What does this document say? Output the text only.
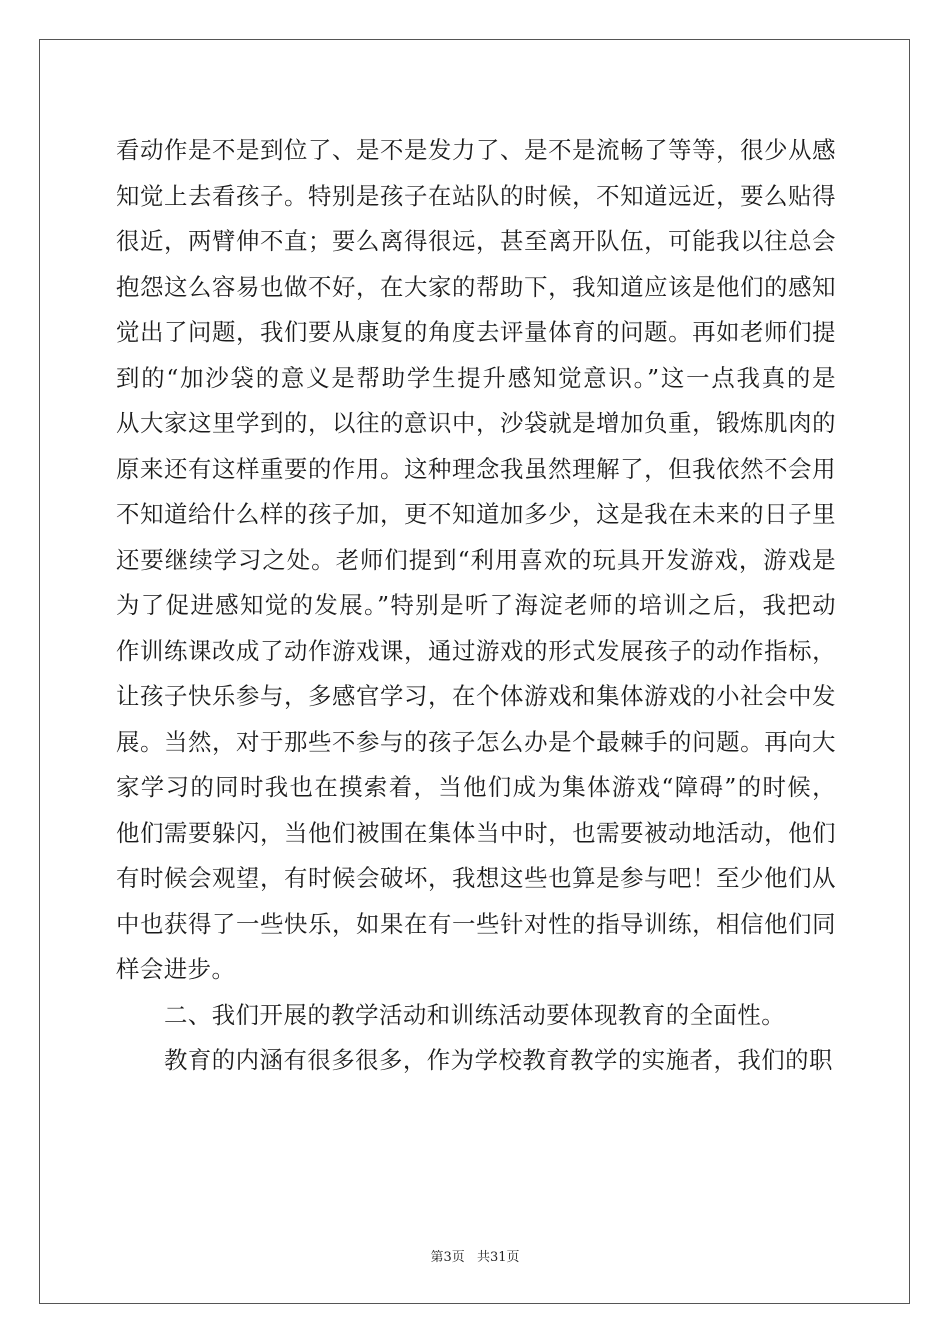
看动作是不是到位了、是不是发力了、是不是流畅了等等，很少从感
知觉上去看孩子。特别是孩子在站队的时候，不知道远近，要么贴得
很近，两臂伸不直；要么离得很远，甚至离开队伍，可能我以往总会
抱怨这么容易也做不好，在大家的帮助下，我知道应该是他们的感知
觉出了问题，我们要从康复的角度去评量体育的问题。再如老师们提
到的“加沙袋的意义是帮助学生提升感知觉意识。”这一点我真的是
从大家这里学到的，以往的意识中，沙袋就是增加负重，锻炼肌肉的
原来还有这样重要的作用。这种理念我虽然理解了，但我依然不会用
不知道给什么样的孩子加，更不知道加多少，这是我在未来的日子里
还要继续学习之处。老师们提到“利用喜欢的玩具开发游戏，游戏是
为了促进感知觉的发展。”特别是听了海淀老师的培训之后，我把动
作训练课改成了动作游戏课，通过游戏的形式发展孩子的动作指标，
让孩子快乐参与，多感官学习，在个体游戏和集体游戏的小社会中发
展。当然，对于那些不参与的孩子怎么办是个最棘手的问题。再向大
家学习的同时我也在摸索着，当他们成为集体游戏“障碍”的时候，
他们需要躲闪，当他们被围在集体当中时，也需要被动地活动，他们
有时候会观望，有时候会破坏，我想这些也算是参与吧！至少他们从
中也获得了一些快乐，如果在有一些针对性的指导训练，相信他们同
样会进步。
二、我们开展的教学活动和训练活动要体现教育的全面性。
教育的内涵有很多很多，作为学校教育教学的实施者，我们的职
第3页 共31页
